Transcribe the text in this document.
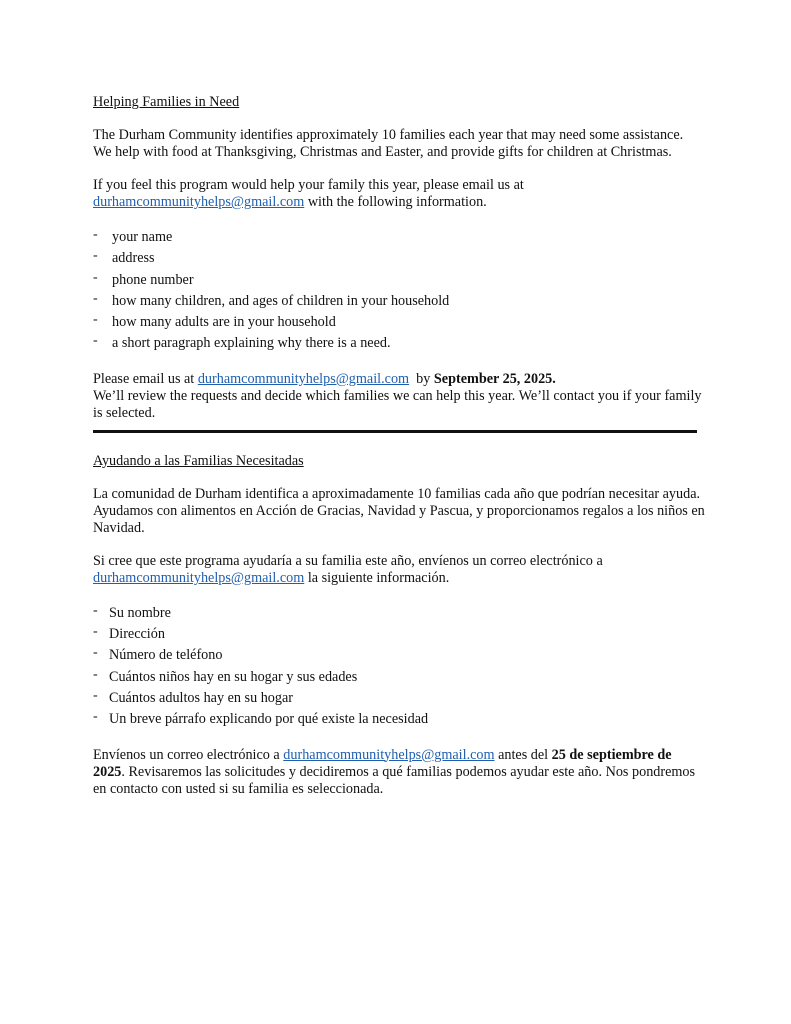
Helping Families in Need

The Durham Community identifies approximately 10 families each year that may need some assistance. We help with food at Thanksgiving, Christmas and Easter, and provide gifts for children at Christmas.

If you feel this program would help your family this year, please email us at
durhamcommunityhelps@gmail.com with the following information.

- your name
- address
- phone number
- how many children, and ages of children in your household
- how many adults are in your household
- a short paragraph explaining why there is a need.

Please email us at durhamcommunityhelps@gmail.com  by September 25, 2025.
We’ll review the requests and decide which families we can help this year. We’ll contact you if your family is selected.

Ayudando a las Familias Necesitadas

La comunidad de Durham identifica a aproximadamente 10 familias cada año que podrían necesitar ayuda. Ayudamos con alimentos en Acción de Gracias, Navidad y Pascua, y proporcionamos regalos a los niños en Navidad.

Si cree que este programa ayudaría a su familia este año, envíenos un correo electrónico a
durhamcommunityhelps@gmail.com la siguiente información.

- Su nombre
- Dirección
- Número de teléfono
- Cuántos niños hay en su hogar y sus edades
- Cuántos adultos hay en su hogar
- Un breve párrafo explicando por qué existe la necesidad

Envíenos un correo electrónico a durhamcommunityhelps@gmail.com antes del 25 de septiembre de 2025. Revisaremos las solicitudes y decidiremos a qué familias podemos ayudar este año. Nos pondremos en contacto con usted si su familia es seleccionada.
